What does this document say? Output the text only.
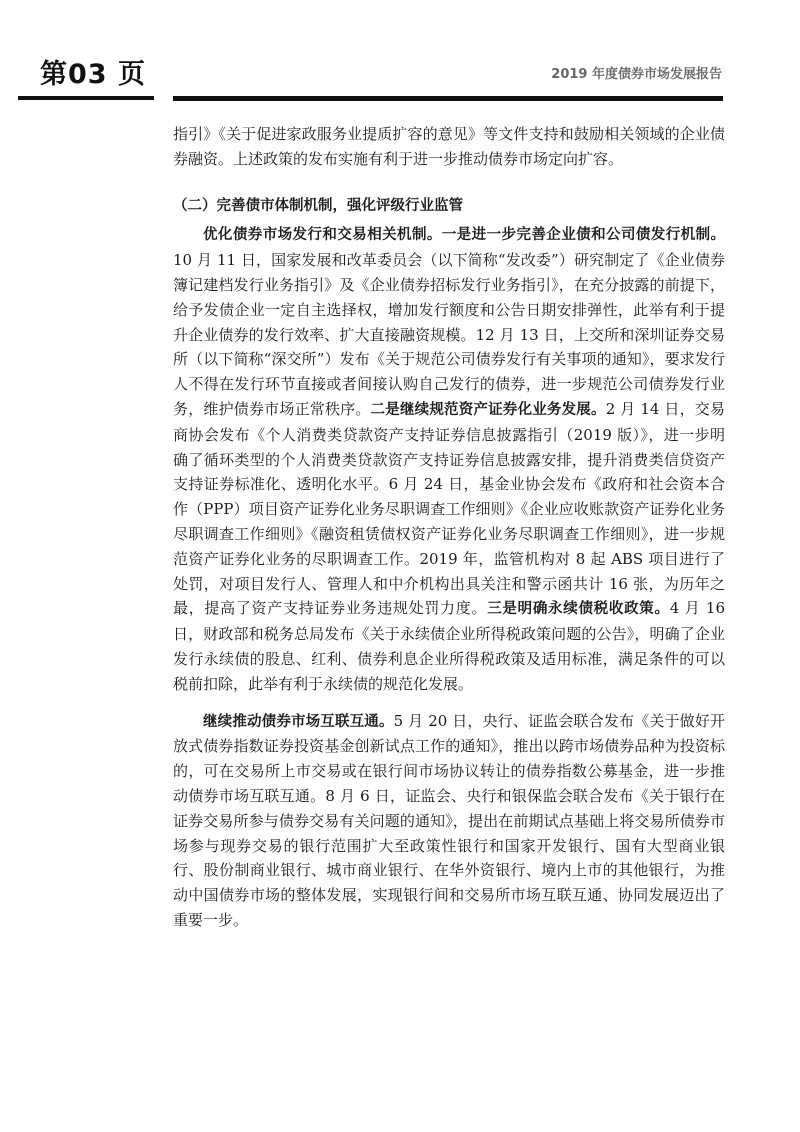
第03 页	2019 年度债券市场发展报告

指引》《关于促进家政服务业提质扩容的意见》等文件支持和鼓励相关领域的企业债券融资。上述政策的发布实施有利于进一步推动债券市场定向扩容。

（二）完善债市体制机制，强化评级行业监管

优化债券市场发行和交易相关机制。一是进一步完善企业债和公司债发行机制。10 月 11 日，国家发展和改革委员会（以下简称“发改委”）研究制定了《企业债券簿记建档发行业务指引》及《企业债券招标发行业务指引》，在充分披露的前提下，给予发债企业一定自主选择权，增加发行额度和公告日期安排弹性，此举有利于提升企业债券的发行效率、扩大直接融资规模。12 月 13 日，上交所和深圳证券交易所（以下简称“深交所”）发布《关于规范公司债券发行有关事项的通知》，要求发行人不得在发行环节直接或者间接认购自己发行的债券，进一步规范公司债券发行业务，维护债券市场正常秩序。二是继续规范资产证券化业务发展。2 月 14 日，交易商协会发布《个人消费类贷款资产支持证券信息披露指引（2019 版）》，进一步明确了循环类型的个人消费类贷款资产支持证券信息披露安排，提升消费类信贷资产支持证券标准化、透明化水平。6 月 24 日，基金业协会发布《政府和社会资本合作（PPP）项目资产证券化业务尽职调查工作细则》《企业应收账款资产证券化业务尽职调查工作细则》《融资租赁债权资产证券化业务尽职调查工作细则》，进一步规范资产证券化业务的尽职调查工作。2019 年，监管机构对 8 起 ABS 项目进行了处罚，对项目发行人、管理人和中介机构出具关注和警示函共计 16 张，为历年之最，提高了资产支持证券业务违规处罚力度。三是明确永续债税收政策。4 月 16 日，财政部和税务总局发布《关于永续债企业所得税政策问题的公告》，明确了企业发行永续债的股息、红利、债券利息企业所得税政策及适用标准，满足条件的可以税前扣除，此举有利于永续债的规范化发展。

继续推动债券市场互联互通。5 月 20 日，央行、证监会联合发布《关于做好开放式债券指数证券投资基金创新试点工作的通知》，推出以跨市场债券品种为投资标的，可在交易所上市交易或在银行间市场协议转让的债券指数公募基金，进一步推动债券市场互联互通。8 月 6 日，证监会、央行和银保监会联合发布《关于银行在证券交易所参与债券交易有关问题的通知》，提出在前期试点基础上将交易所债券市场参与现券交易的银行范围扩大至政策性银行和国家开发银行、国有大型商业银行、股份制商业银行、城市商业银行、在华外资银行、境内上市的其他银行，为推动中国债券市场的整体发展，实现银行间和交易所市场互联互通、协同发展迈出了重要一步。
